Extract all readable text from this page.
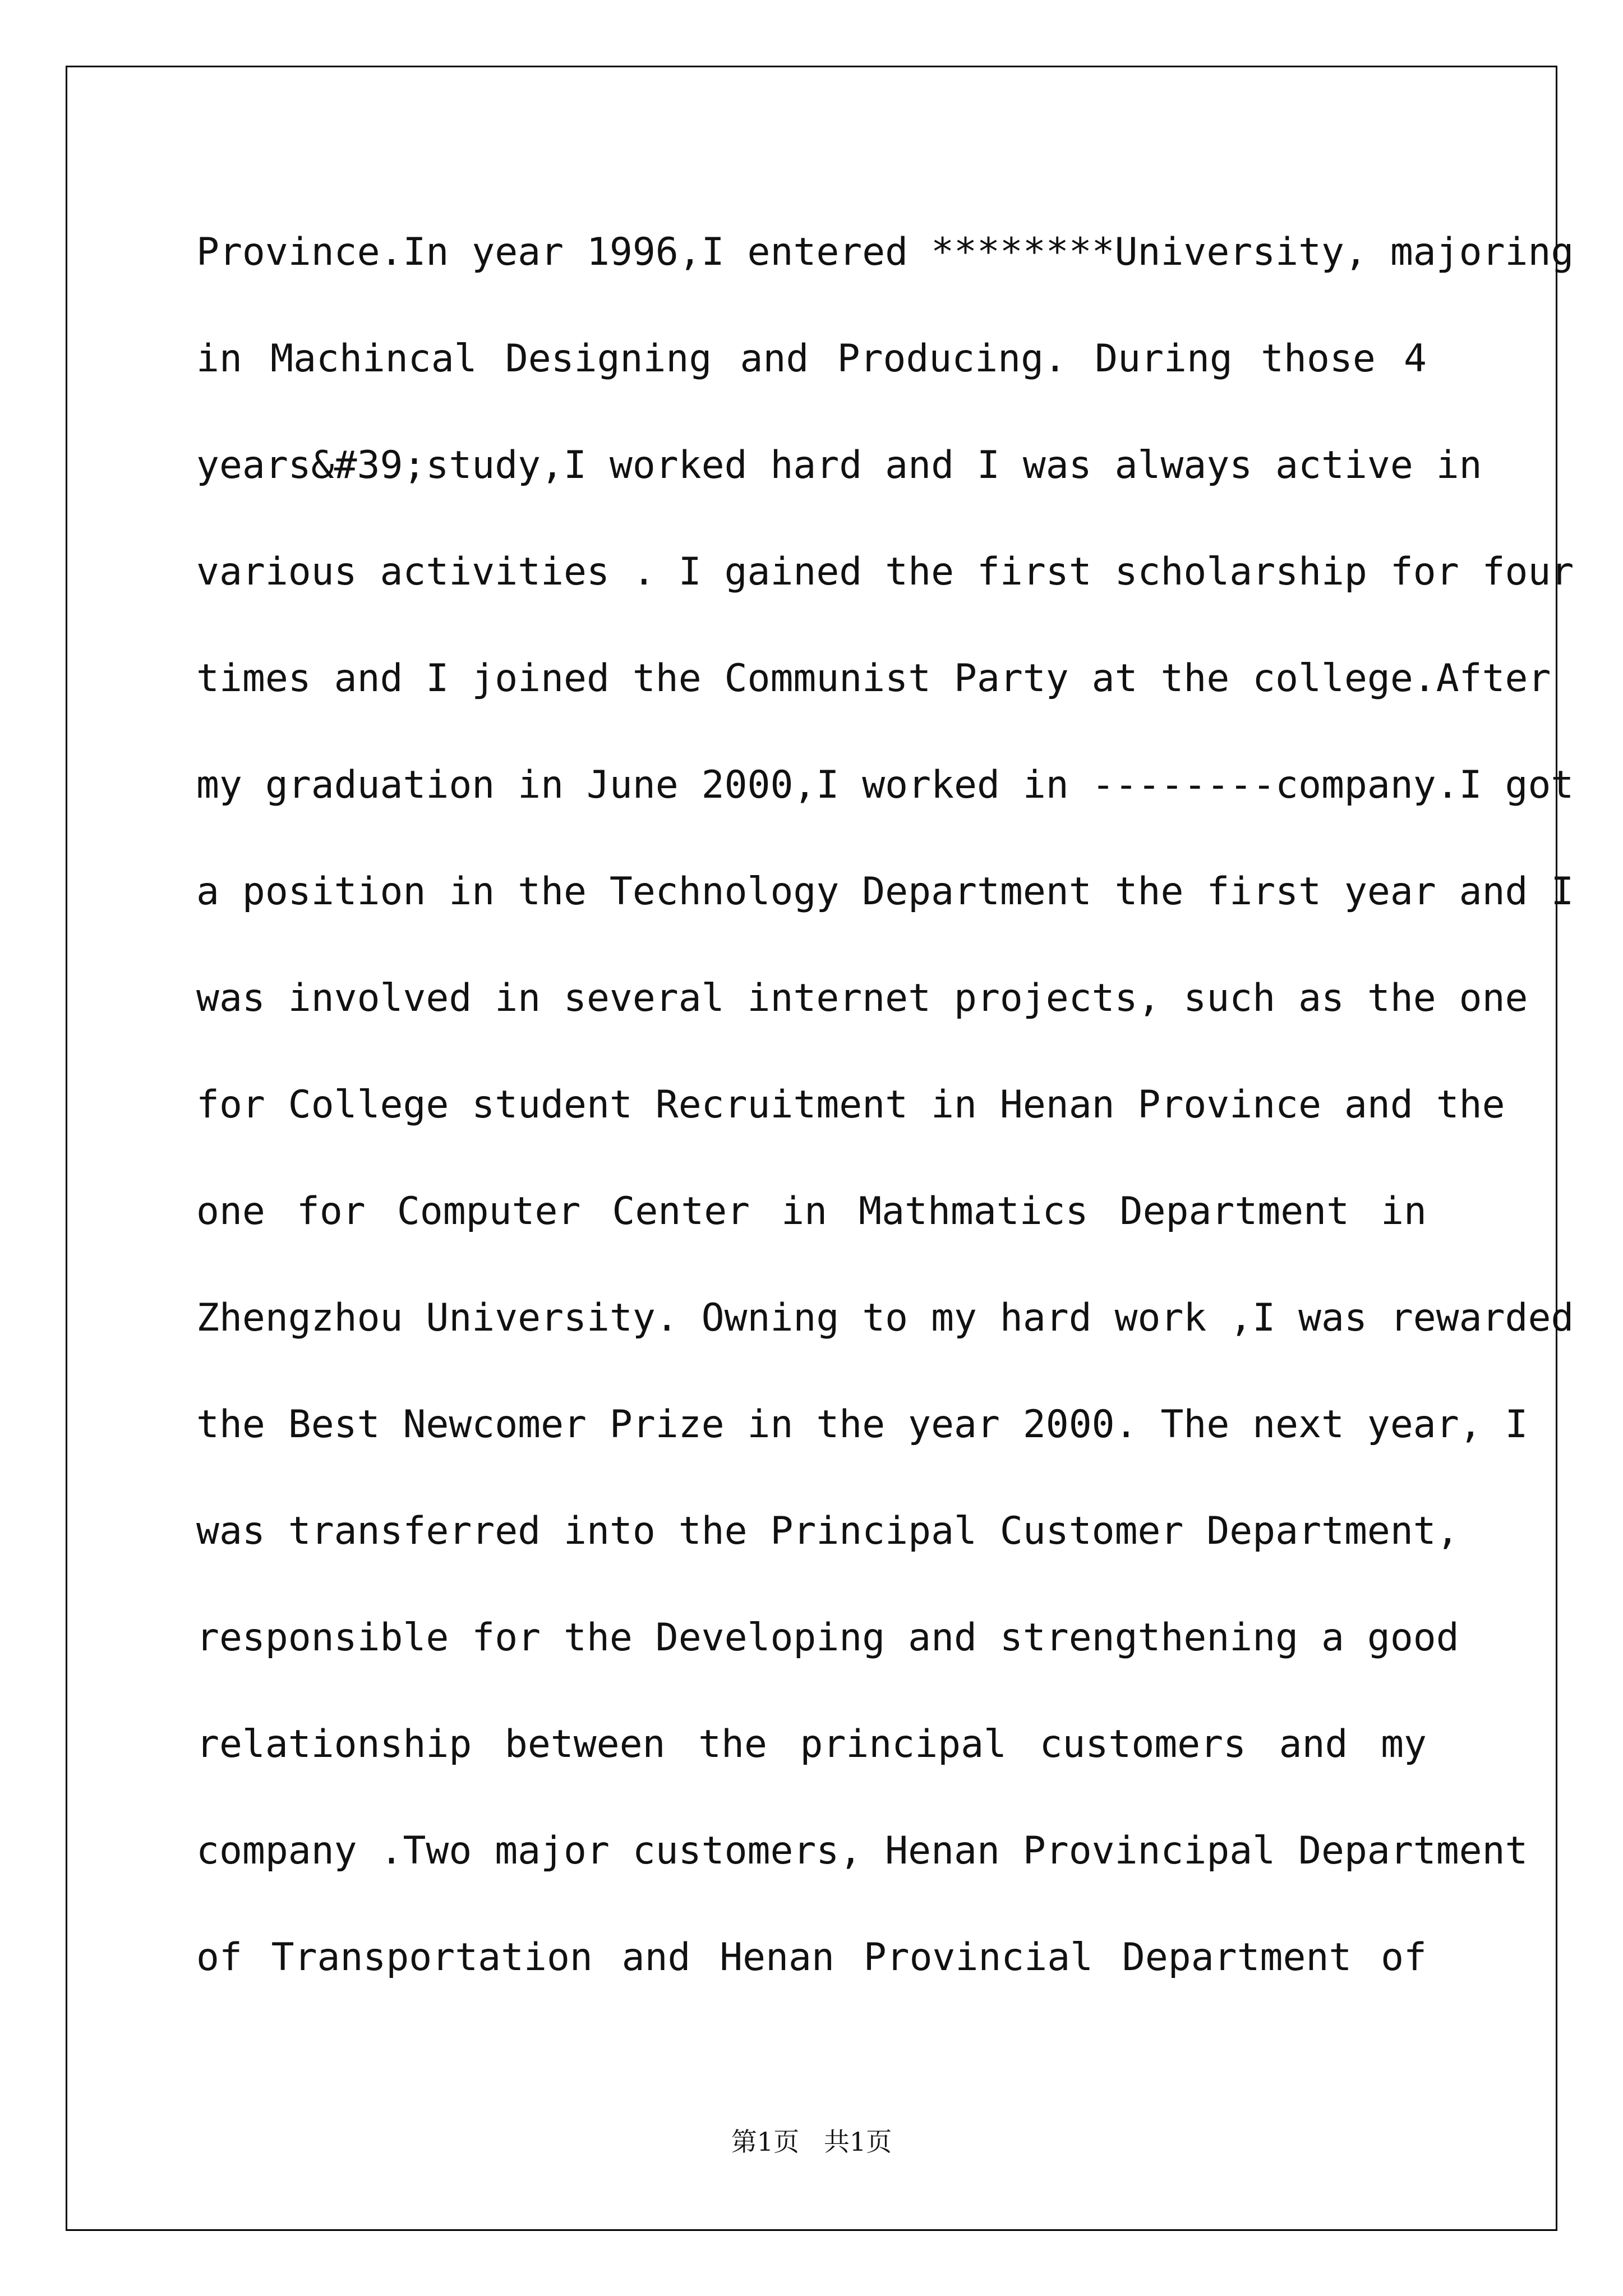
Province.In year 1996,I entered ********University, majoring
in Machincal Designing and Producing. During those 4
years&#39;study,I worked hard and I was always active in
various activities . I gained the first scholarship for four
times and I joined the Communist Party at the college.After
my graduation in June 2000,I worked in --------company.I got
a position in the Technology Department the first year and I
was involved in several internet projects, such as the one
for College student Recruitment in Henan Province and the
one for Computer Center in Mathmatics Department in
Zhengzhou University. Owning to my hard work ,I was rewarded
the Best Newcomer Prize in the year 2000. The next year, I
was transferred into the Principal Customer Department,
responsible for the Developing and strengthening a good
relationship between the principal customers and my
company .Two major customers, Henan Provincipal Department
of Transportation and Henan Provincial Department of
第1页   共1页
